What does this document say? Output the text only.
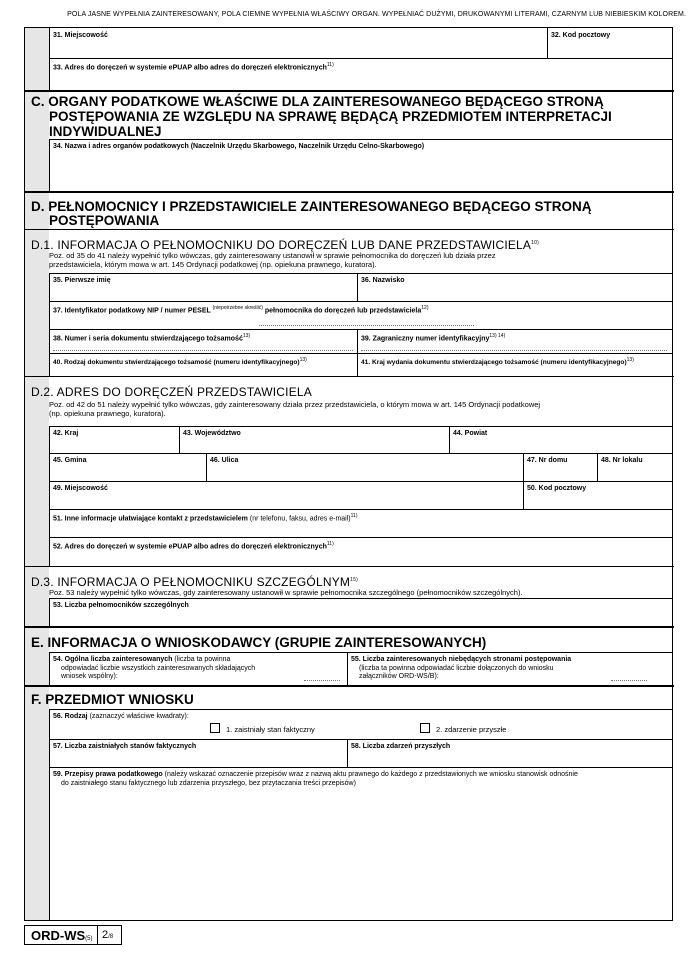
POLA JASNE WYPEŁNIA ZAINTERESOWANY, POLA CIEMNE WYPEŁNIA WŁAŚCIWY ORGAN. WYPEŁNIAĆ DUŻYMI, DRUKOWANYMI LITERAMI, CZARNYM LUB NIEBIESKIM KOLOREM.
31. Miejscowość	32. Kod pocztowy
33. Adres do doręczeń w systemie ePUAP albo adres do doręczeń elektronicznych$^{11)}$
C. ORGANY PODATKOWE WŁAŚCIWE DLA ZAINTERESOWANEGO BĘDĄCEGO STRONĄ
POSTĘPOWANIA ZE WZGLĘDU NA SPRAWĘ BĘDĄCĄ PRZEDMIOTEM INTERPRETACJI
INDYWIDUALNEJ
34. Nazwa i adres organów podatkowych (Naczelnik Urzędu Skarbowego, Naczelnik Urzędu Celno-Skarbowego)
D. PEŁNOMOCNICY I PRZEDSTAWICIELE ZAINTERESOWANEGO BĘDĄCEGO STRONĄ
POSTĘPOWANIA
D.1. INFORMACJA O PEŁNOMOCNIKU DO DORĘCZEŃ LUB DANE PRZEDSTAWICIELA$^{10)}$
Poz. od 35 do 41 należy wypełnić tylko wówczas, gdy zainteresowany ustanowił w sprawie pełnomocnika do doręczeń lub działa przez
przedstawiciela, którym mowa w art. 145 Ordynacji podatkowej (np. opiekuna prawnego, kuratora).
35. Pierwsze imię	36. Nazwisko
37. Identyfikator podatkowy NIP / numer PESEL $^{(niepotrzebne skreślić)}$ pełnomocnika do doręczeń lub przedstawiciela$^{12)}$
38. Numer i seria dokumentu stwierdzającego tożsamość$^{13)}$	39. Zagraniczny numer identyfikacyjny$^{13) 14)}$
40. Rodzaj dokumentu stwierdzającego tożsamość (numeru identyfikacyjnego)$^{13)}$	41. Kraj wydania dokumentu stwierdzającego tożsamość (numeru identyfikacyjnego)$^{13)}$
D.2. ADRES DO DORĘCZEŃ PRZEDSTAWICIELA
Poz. od 42 do 51 należy wypełnić tylko wówczas, gdy zainteresowany działa przez przedstawiciela, o którym mowa w art. 145 Ordynacji podatkowej
(np. opiekuna prawnego, kuratora).
42. Kraj	43. Województwo	44. Powiat
45. Gmina	46. Ulica	47. Nr domu	48. Nr lokalu
49. Miejscowość	50. Kod pocztowy
51. Inne informacje ułatwiające kontakt z przedstawicielem (nr telefonu, faksu, adres e-mail)$^{11)}$
52. Adres do doręczeń w systemie ePUAP albo adres do doręczeń elektronicznych$^{11)}$
D.3. INFORMACJA O PEŁNOMOCNIKU SZCZEGÓLNYM$^{15)}$
Poz. 53 należy wypełnić tylko wówczas, gdy zainteresowany ustanowił w sprawie pełnomocnika szczególnego (pełnomocników szczególnych).
53. Liczba pełnomocników szczególnych
E. INFORMACJA O WNIOSKODAWCY (GRUPIE ZAINTERESOWANYCH)
54. Ogólna liczba zainteresowanych (liczba ta powinna
odpowiadać liczbie wszystkich zainteresowanych składających
wniosek wspólny):
55. Liczba zainteresowanych niebędących stronami postępowania
(liczba ta powinna odpowiadać liczbie dołączonych do wniosku
załączników ORD-WS/B):
F. PRZEDMIOT WNIOSKU
56. Rodzaj (zaznaczyć właściwe kwadraty):
1. zaistniały stan faktyczny	2. zdarzenie przyszłe
57. Liczba zaistniałych stanów faktycznych	58. Liczba zdarzeń przyszłych
59. Przepisy prawa podatkowego (należy wskazać oznaczenie przepisów wraz z nazwą aktu prawnego do każdego z przedstawionych we wniosku stanowisk odnośnie
do zaistniałego stanu faktycznego lub zdarzenia przyszłego, bez przytaczania treści przepisów)
ORD-WS(5) 2/8
